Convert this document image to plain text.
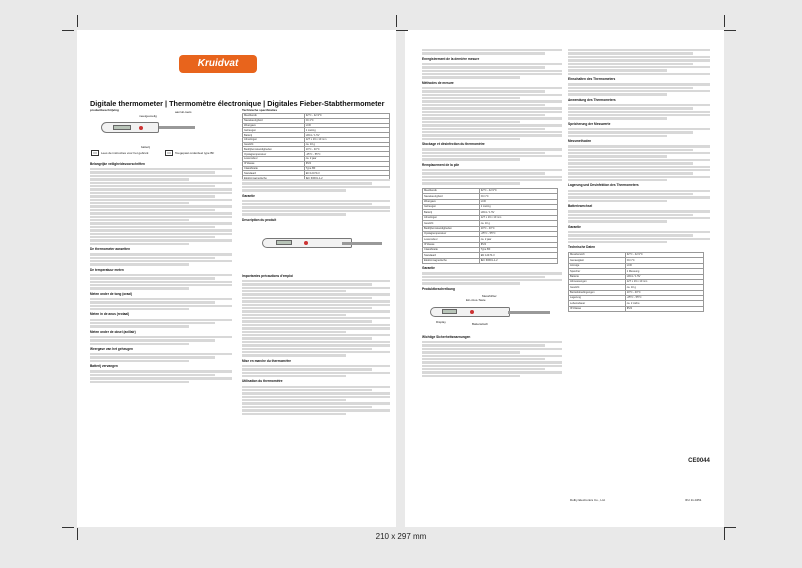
Kruidvat
Digitale thermometer | Thermomètre électronique | Digitales Fieber-Stabthermometer
productbeschrijving
meetgevoelig
aan/uit-toets
batterij
Technische specificaties
Meetbereik	32°C - 42.9°C
Nauwkeurigheid	±0.1°C
Weergave	LCD
Geheugen	1 meting
Batterij	LR41 / 1.5V
Afmetingen	127 x 19 x 10 mm
Gewicht	ca. 10 g
Bedrijfsomstandigheden	10°C - 40°C
Opslagtemperatuur	-25°C - 55°C
Levensduur	ca. 2 jaar
IP klasse	IP22
Classificatie	Type BF
Standaard	EN 12470-3

Lees de instructies voor het gebruik	Toegepast onderdeel type BF
Belangrijke veiligheidsvoorschriften
De thermometer aanzetten
De temperatuur meten
Meten onder de tong (oraal)
Meten in de anus (rectaal)
Meten onder de oksel (axillair)
Weergave van het geheugen
Batterij vervangen
Garantie
Description du produit
Importantes précautions d'emploi
Mise en marche du thermomètre
Utilisation du thermomètre
Enregistrement de la dernière mesure
Méthodes de mesure
Stockage et désinfection du thermomètre
Remplacement de la pile
Meetbereik	32°C - 42.9°C
Nauwkeurigheid	±0.1°C
Weergave	LCD
Geheugen	1 meting
Batterij	LR41 / 1.5V
Afmetingen	127 x 19 x 10 mm
Gewicht	ca. 10 g
Bedrijfsomstandigheden	10°C - 40°C
Opslagtemperatuur	-25°C - 55°C
Levensduur	ca. 2 jaar
IP klasse	IP22
Classificatie	Type BF
Standaard	EN 12470-3
Elektromagnetische	IEC 60601-1-2
Garantie
Produktbeschreibung
Messfühler
Display
Ein-/Aus-Taste
Batteriefach
Wichtige Sicherheitswarnungen
Einschalten des Thermometers
Anwendung des Thermometers
Speicherung der Messwerte
Messmethoden
Lagerung und Desinfektion des Thermometers
Batteriewechsel
Garantie
Technische Daten
Messbereich	32°C - 42.9°C
Genauigkeit	±0.1°C
Anzeige	LCD
Speicher	1 Messung
Batterie	LR41 / 1.5V
Abmessungen	127 x 19 x 10 mm
Gewicht	ca. 10 g
Betriebsbedingungen	10°C - 40°C
Lagerung	-25°C - 55°C
Lebensdauer	ca. 2 Jahre
IP-Klasse	IP22
CE0044
Dolby Electronics Co., Ltd.	IFU 11-0451
210 x 297 mm
